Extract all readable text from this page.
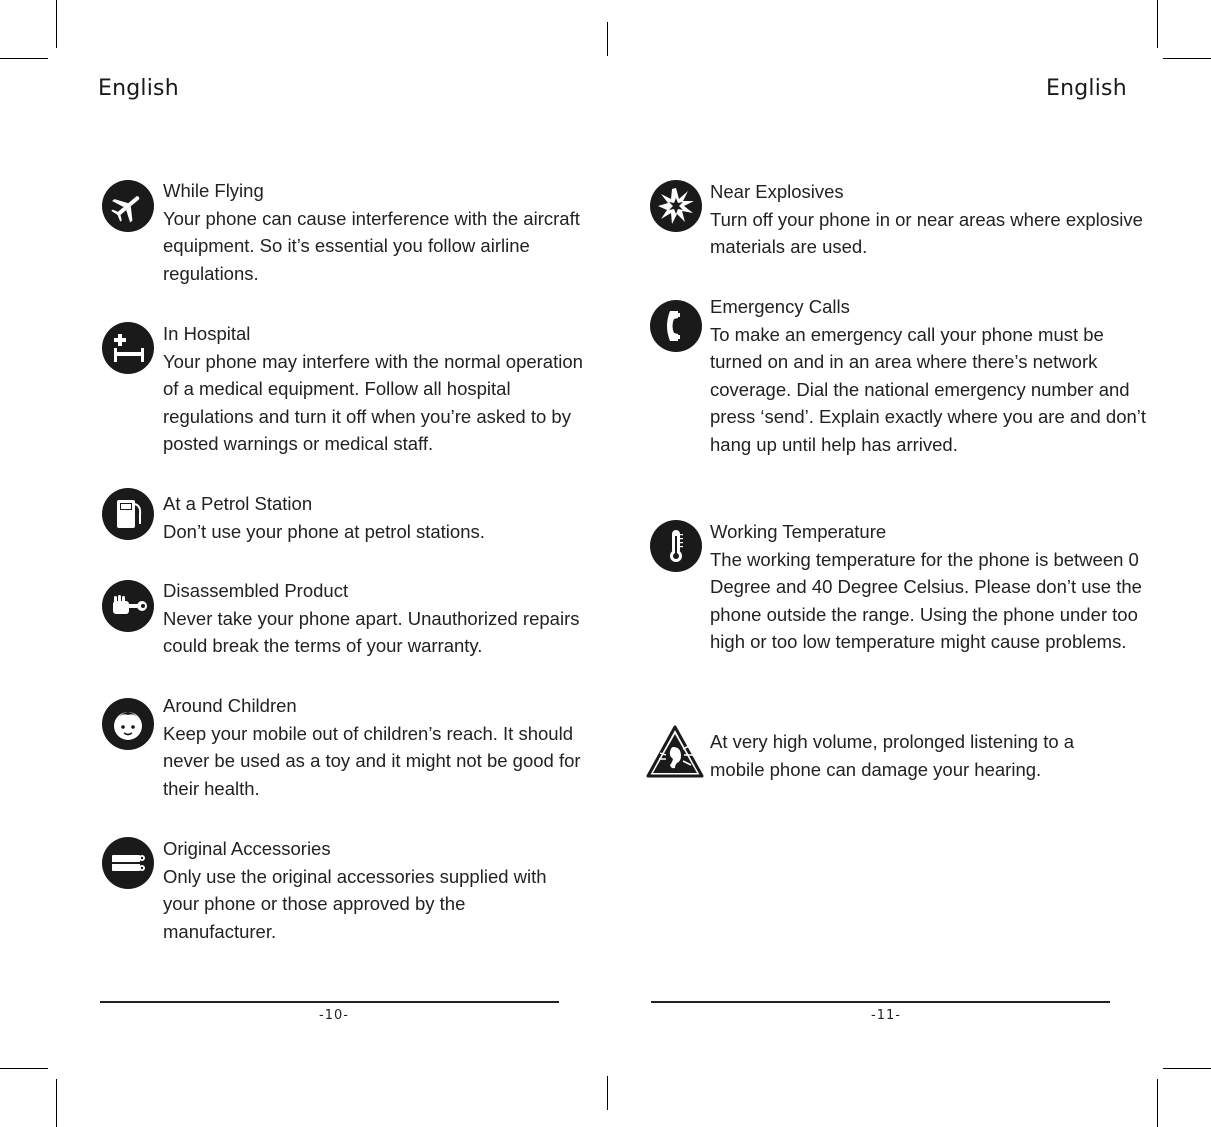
English	English
While Flying
Your phone can cause interference with the aircraft equipment. So it’s essential you follow airline regulations.
In Hospital
Your phone may interfere with the normal operation of a medical equipment. Follow all hospital regulations and turn it off when you’re asked to by posted warnings or medical staff.
At a Petrol Station
Don’t use your phone at petrol stations.
Disassembled Product
Never take your phone apart. Unauthorized repairs could break the terms of your warranty.
Around Children
Keep your mobile out of children’s reach. It should never be used as a toy and it might not be good for their health.
Original Accessories
Only use the original accessories supplied with your phone or those approved by the manufacturer.
Near Explosives
Turn off your phone in or near areas where explosive materials are used.
Emergency Calls
To make an emergency call your phone must be turned on and in an area where there’s network coverage. Dial the national emergency number and press ‘send’. Explain exactly where you are and don’t hang up until help has arrived.
Working Temperature
The working temperature for the phone is between 0 Degree and 40 Degree Celsius. Please don’t use the phone outside the range. Using the phone under too high or too low temperature might cause problems.
At very high volume, prolonged listening to a mobile phone can damage your hearing.
-10-	-11-
